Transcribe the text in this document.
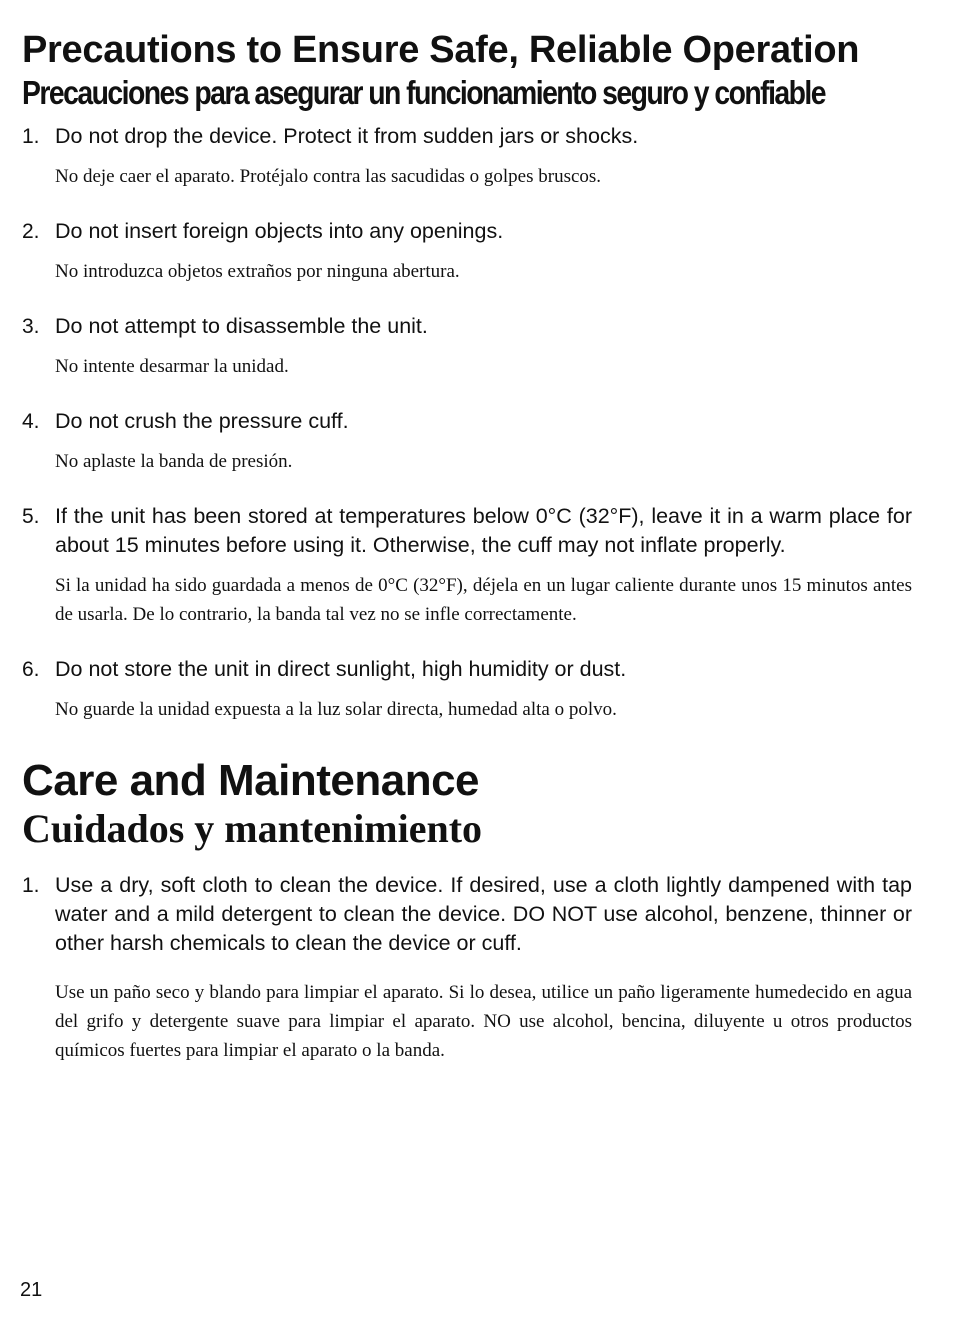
Precautions to Ensure Safe, Reliable Operation
Precauciones para asegurar un funcionamiento seguro y confiable
1. Do not drop the device. Protect it from sudden jars or shocks.

No deje caer el aparato. Protéjalo contra las sacudidas o golpes bruscos.

2. Do not insert foreign objects into any openings.

No introduzca objetos extraños por ninguna abertura.

3. Do not attempt to disassemble the unit.

No intente desarmar la unidad.

4. Do not crush the pressure cuff.

No aplaste la banda de presión.

5. If the unit has been stored at temperatures below 0°C (32°F), leave it in a warm place for about 15 minutes before using it. Otherwise, the cuff may not inflate properly.

Si la unidad ha sido guardada a menos de 0°C (32°F), déjela en un lugar caliente durante unos 15 minutos antes de usarla. De lo contrario, la banda tal vez no se infle correctamente.

6. Do not store the unit in direct sunlight, high humidity or dust.

No guarde la unidad expuesta a la luz solar directa, humedad alta o polvo.

Care and Maintenance
Cuidados y mantenimiento
1. Use a dry, soft cloth to clean the device. If desired, use a cloth lightly dampened with tap water and a mild detergent to clean the device. DO NOT use alcohol, benzene, thinner or other harsh chemicals to clean the device or cuff.

Use un paño seco y blando para limpiar el aparato. Si lo desea, utilice un paño ligeramente humedecido en agua del grifo y detergente suave para limpiar el aparato. NO use alcohol, bencina, diluyente u otros productos químicos fuertes para limpiar el aparato o la banda.

21
